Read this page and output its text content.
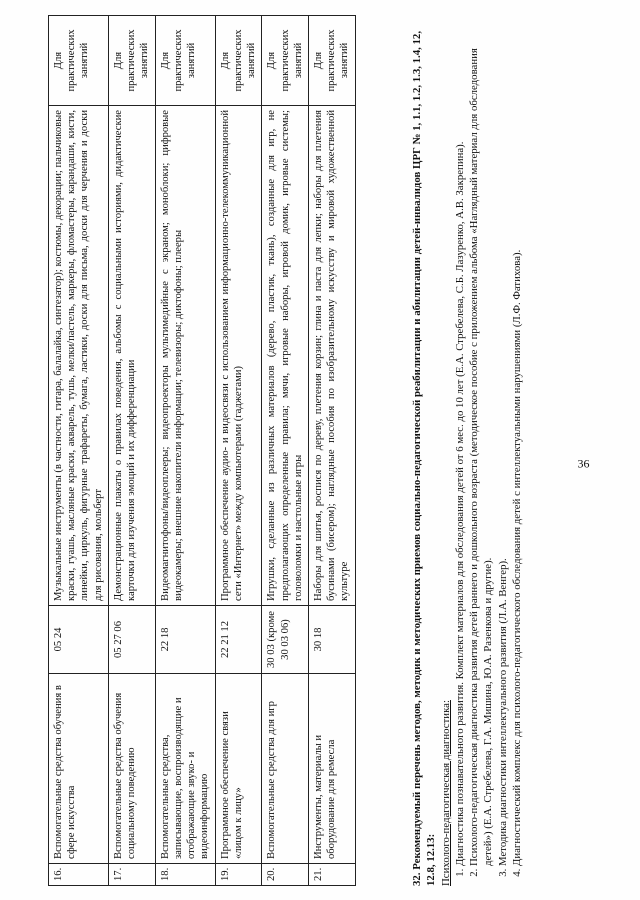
36
16.	Вспомогательные средства обучения в сфере искусства	05 24	Музыкальные инструменты (в частности, гитара, балалайка, синтезатор); костюмы, декорации; пальчиковые краски, гуашь, масляные краски, акварель, тушь, мелки/пастель, маркеры, фломастеры, карандаши, кисти, линейки, циркуль, фигурные трафареты, бумага, ластики, доски для письма, доски для черчения и доски для рисования, мольберт	Для практических занятий
17.	Вспомогательные средства обучения социальному поведению	05 27 06	Демонстрационные плакаты о правилах поведения, альбомы с социальными историями, дидактические карточки для изучения эмоций и их дифференциации	Для практических занятий
18.	Вспомогательные средства, записывающие, воспроизводящие и отображающие звуко- и видеоинформацию	22 18	Видеомагнитофоны/видеоплееры; видеопроекторы мультимедийные с экраном; моноблоки; цифровые видеокамеры; внешние накопители информации; телевизоры; диктофоны; плееры	Для практических занятий
19.	Программное обеспечение связи «лицом к лицу»	22 21 12	Программное обеспечение аудио- и видеосвязи с использованием информационно-телекоммуникационной сети «Интернет» между компьютерами (гаджетами)	Для практических занятий
20.	Вспомогательные средства для игр	30 03 (кроме 30 03 06)	Игрушки, сделанные из различных материалов (дерево, пластик, ткань), созданные для игр, не предполагающих определенные правила; мячи, игровые наборы, игровой домик, игровые системы; головоломки и настольные игры	Для практических занятий
21.	Инструменты, материалы и оборудование для ремесла	30 18	Наборы для шитья, роспися по дереву, плетения корзин; глина и паста для лепки; наборы для плетения бусинами (бисером); наглядные пособия по изобразительному искусству и мировой художественной культуре	Для практических занятий	32. Рекомендуемый перечень методов, методик и методических приемов социально-педагогической реабилитации и абилитации детей-инвалидов ЦРГ № 1, 1.1, 1.2, 1.3, 1.4, 12, 12.8, 12.13: Психолого-педагогическая диагностика: 1. Диагностика познавательного развития. Комплект материалов для обследования детей от 6 мес. до 10 лет (Е.А. Стребелева, С.Б. Лазуренко, А.В. Закрепина). 2. Психолого-педагогическая диагностика развития детей раннего и дошкольного возраста (методическое пособие с приложением альбома «Наглядный материал для обследования детей») (Е.А. Стребелева, Г.А. Мишина, Ю.А. Разенкова и другие). 3. Методика диагностики интеллектуального развития (Л.А. Венгер). 4. Диагностический комплекс для психолого-педагогического обследования детей с интеллектуальными нарушениями (Л.Ф. Фатихова).
